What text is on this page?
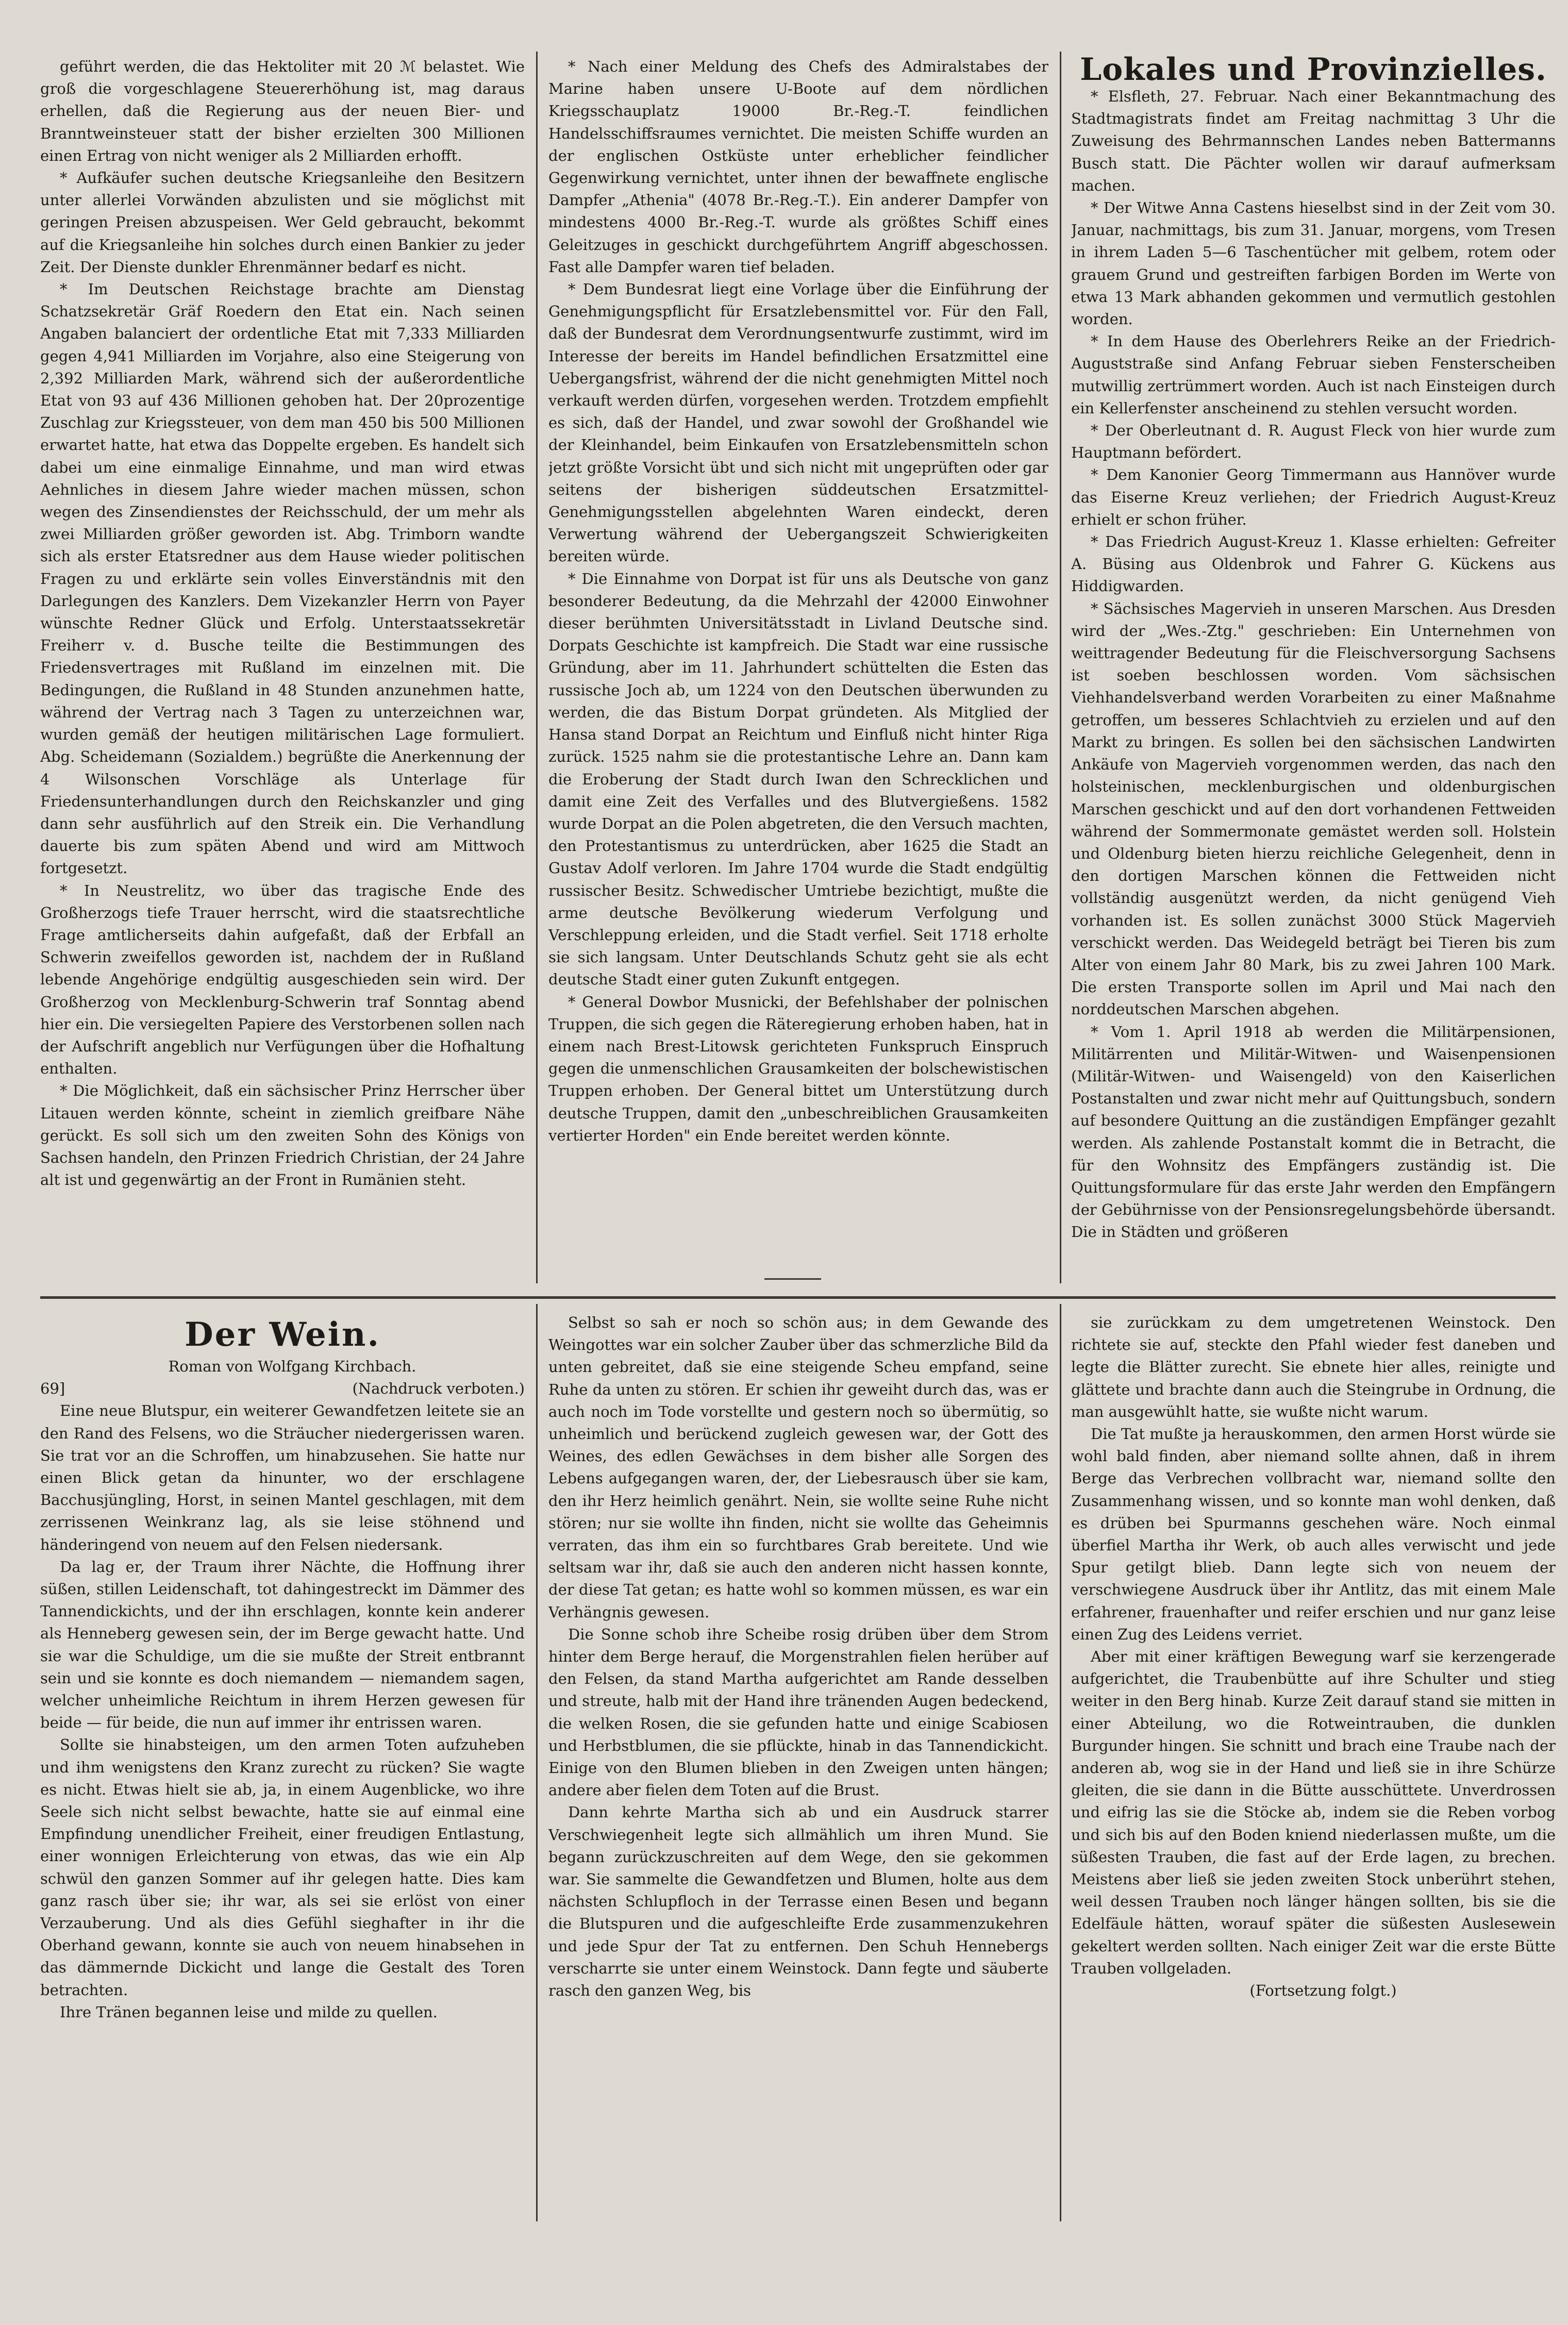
geführt werden, die das Hektoliter mit 20 ℳ belastet. Wie groß die vorgeschlagene Steuererhöhung ist, mag daraus erhellen, daß die Regierung aus der neuen Bier- und Branntweinsteuer statt der bisher erzielten 300 Millionen einen Ertrag von nicht weniger als 2 Milliarden erhofft.

* Aufkäufer suchen deutsche Kriegsanleihe den Besitzern unter allerlei Vorwänden abzulisten und sie möglichst mit geringen Preisen abzuspeisen. Wer Geld gebraucht, bekommt auf die Kriegsanleihe hin solches durch einen Bankier zu jeder Zeit. Der Dienste dunkler Ehrenmänner bedarf es nicht.

* Im Deutschen Reichstage brachte am Dienstag Schatzsekretär Gräf Roedern den Etat ein. Nach seinen Angaben balanciert der ordentliche Etat mit 7,333 Milliarden gegen 4,941 Milliarden im Vorjahre, also eine Steigerung von 2,392 Milliarden Mark, während sich der außerordentliche Etat von 93 auf 436 Millionen gehoben hat. Der 20prozentige Zuschlag zur Kriegssteuer, von dem man 450 bis 500 Millionen erwartet hatte, hat etwa das Doppelte ergeben. Es handelt sich dabei um eine einmalige Einnahme, und man wird etwas Aehnliches in diesem Jahre wieder machen müssen, schon wegen des Zinsendienstes der Reichsschuld, der um mehr als zwei Milliarden größer geworden ist. Abg. Trimborn wandte sich als erster Etatsredner aus dem Hause wieder politischen Fragen zu und erklärte sein volles Einverständnis mit den Darlegungen des Kanzlers. Dem Vizekanzler Herrn von Payer wünschte Redner Glück und Erfolg. Unterstaatssekretär Freiherr v. d. Busche teilte die Bestimmungen des Friedensvertrages mit Rußland im einzelnen mit. Die Bedingungen, die Rußland in 48 Stunden anzunehmen hatte, während der Vertrag nach 3 Tagen zu unterzeichnen war, wurden gemäß der heutigen militärischen Lage formuliert. Abg. Scheidemann (Sozialdem.) begrüßte die Anerkennung der 4 Wilsonschen Vorschläge als Unterlage für Friedensunterhandlungen durch den Reichskanzler und ging dann sehr ausführlich auf den Streik ein. Die Verhandlung dauerte bis zum späten Abend und wird am Mittwoch fortgesetzt.

* In Neustrelitz, wo über das tragische Ende des Großherzogs tiefe Trauer herrscht, wird die staatsrechtliche Frage amtlicherseits dahin aufgefaßt, daß der Erbfall an Schwerin zweifellos geworden ist, nachdem der in Rußland lebende Angehörige endgültig ausgeschieden sein wird. Der Großherzog von Mecklenburg-Schwerin traf Sonntag abend hier ein. Die versiegelten Papiere des Verstorbenen sollen nach der Aufschrift angeblich nur Verfügungen über die Hofhaltung enthalten.

* Die Möglichkeit, daß ein sächsischer Prinz Herrscher über Litauen werden könnte, scheint in ziemlich greifbare Nähe gerückt. Es soll sich um den zweiten Sohn des Königs von Sachsen handeln, den Prinzen Friedrich Christian, der 24 Jahre alt ist und gegenwärtig an der Front in Rumänien steht.

* Nach einer Meldung des Chefs des Admiralstabes der Marine haben unsere U-Boote auf dem nördlichen Kriegsschauplatz 19000 Br.-Reg.-T. feindlichen Handelsschiffsraumes vernichtet. Die meisten Schiffe wurden an der englischen Ostküste unter erheblicher feindlicher Gegenwirkung vernichtet, unter ihnen der bewaffnete englische Dampfer „Athenia" (4078 Br.-Reg.-T.). Ein anderer Dampfer von mindestens 4000 Br.-Reg.-T. wurde als größtes Schiff eines Geleitzuges in geschickt durchgeführtem Angriff abgeschossen. Fast alle Dampfer waren tief beladen.

* Dem Bundesrat liegt eine Vorlage über die Einführung der Genehmigungspflicht für Ersatzlebensmittel vor. Für den Fall, daß der Bundesrat dem Verordnungsentwurfe zustimmt, wird im Interesse der bereits im Handel befindlichen Ersatzmittel eine Uebergangsfrist, während der die nicht genehmigten Mittel noch verkauft werden dürfen, vorgesehen werden. Trotzdem empfiehlt es sich, daß der Handel, und zwar sowohl der Großhandel wie der Kleinhandel, beim Einkaufen von Ersatzlebensmitteln schon jetzt größte Vorsicht übt und sich nicht mit ungeprüften oder gar seitens der bisherigen süddeutschen Ersatzmittel-Genehmigungsstellen abgelehnten Waren eindeckt, deren Verwertung während der Uebergangszeit Schwierigkeiten bereiten würde.

* Die Einnahme von Dorpat ist für uns als Deutsche von ganz besonderer Bedeutung, da die Mehrzahl der 42000 Einwohner dieser berühmten Universitätsstadt in Livland Deutsche sind. Dorpats Geschichte ist kampfreich. Die Stadt war eine russische Gründung, aber im 11. Jahrhundert schüttelten die Esten das russische Joch ab, um 1224 von den Deutschen überwunden zu werden, die das Bistum Dorpat gründeten. Als Mitglied der Hansa stand Dorpat an Reichtum und Einfluß nicht hinter Riga zurück. 1525 nahm sie die protestantische Lehre an. Dann kam die Eroberung der Stadt durch Iwan den Schrecklichen und damit eine Zeit des Verfalles und des Blutvergießens. 1582 wurde Dorpat an die Polen abgetreten, die den Versuch machten, den Protestantismus zu unterdrücken, aber 1625 die Stadt an Gustav Adolf verloren. Im Jahre 1704 wurde die Stadt endgültig russischer Besitz. Schwedischer Umtriebe bezichtigt, mußte die arme deutsche Bevölkerung wiederum Verfolgung und Verschleppung erleiden, und die Stadt verfiel. Seit 1718 erholte sie sich langsam. Unter Deutschlands Schutz geht sie als echt deutsche Stadt einer guten Zukunft entgegen.

* General Dowbor Musnicki, der Befehlshaber der polnischen Truppen, die sich gegen die Räteregierung erhoben haben, hat in einem nach Brest-Litowsk gerichteten Funkspruch Einspruch gegen die unmenschlichen Grausamkeiten der bolschewistischen Truppen erhoben. Der General bittet um Unterstützung durch deutsche Truppen, damit den „unbeschreiblichen Grausamkeiten vertierter Horden" ein Ende bereitet werden könnte.

Lokales und Provinzielles.

* Elsfleth, 27. Februar. Nach einer Bekanntmachung des Stadtmagistrats findet am Freitag nachmittag 3 Uhr die Zuweisung des Behrmannschen Landes neben Battermanns Busch statt. Die Pächter wollen wir darauf aufmerksam machen.

* Der Witwe Anna Castens hieselbst sind in der Zeit vom 30. Januar, nachmittags, bis zum 31. Januar, morgens, vom Tresen in ihrem Laden 5—6 Taschentücher mit gelbem, rotem oder grauem Grund und gestreiften farbigen Borden im Werte von etwa 13 Mark abhanden gekommen und vermutlich gestohlen worden.

* In dem Hause des Oberlehrers Reike an der Friedrich-Auguststraße sind Anfang Februar sieben Fensterscheiben mutwillig zertrümmert worden. Auch ist nach Einsteigen durch ein Kellerfenster anscheinend zu stehlen versucht worden.

* Der Oberleutnant d. R. August Fleck von hier wurde zum Hauptmann befördert.

* Dem Kanonier Georg Timmermann aus Hannöver wurde das Eiserne Kreuz verliehen; der Friedrich August-Kreuz erhielt er schon früher.

* Das Friedrich August-Kreuz 1. Klasse erhielten: Gefreiter A. Büsing aus Oldenbrok und Fahrer G. Kückens aus Hiddigwarden.

* Sächsisches Magervieh in unseren Marschen. Aus Dresden wird der „Wes.-Ztg." geschrieben: Ein Unternehmen von weittragender Bedeutung für die Fleischversorgung Sachsens ist soeben beschlossen worden. Vom sächsischen Viehhandelsverband werden Vorarbeiten zu einer Maßnahme getroffen, um besseres Schlachtvieh zu erzielen und auf den Markt zu bringen. Es sollen bei den sächsischen Landwirten Ankäufe von Magervieh vorgenommen werden, das nach den holsteinischen, mecklenburgischen und oldenburgischen Marschen geschickt und auf den dort vorhandenen Fettweiden während der Sommermonate gemästet werden soll. Holstein und Oldenburg bieten hierzu reichliche Gelegenheit, denn in den dortigen Marschen können die Fettweiden nicht vollständig ausgenützt werden, da nicht genügend Vieh vorhanden ist. Es sollen zunächst 3000 Stück Magervieh verschickt werden. Das Weidegeld beträgt bei Tieren bis zum Alter von einem Jahr 80 Mark, bis zu zwei Jahren 100 Mark. Die ersten Transporte sollen im April und Mai nach den norddeutschen Marschen abgehen.

* Vom 1. April 1918 ab werden die Militärpensionen, Militärrenten und Militär-Witwen- und Waisenpensionen (Militär-Witwen- und Waisengeld) von den Kaiserlichen Postanstalten und zwar nicht mehr auf Quittungsbuch, sondern auf besondere Quittung an die zuständigen Empfänger gezahlt werden. Als zahlende Postanstalt kommt die in Betracht, die für den Wohnsitz des Empfängers zuständig ist. Die Quittungsformulare für das erste Jahr werden den Empfängern der Gebührnisse von der Pensionsregelungsbehörde übersandt. Die in Städten und größeren

Der Wein.

Roman von Wolfgang Kirchbach.

69]	(Nachdruck verboten.)

Eine neue Blutspur, ein weiterer Gewandfetzen leitete sie an den Rand des Felsens, wo die Sträucher niedergerissen waren. Sie trat vor an die Schroffen, um hinabzusehen. Sie hatte nur einen Blick getan da hinunter, wo der erschlagene Bacchusjüngling, Horst, in seinen Mantel geschlagen, mit dem zerrissenen Weinkranz lag, als sie leise stöhnend und händeringend von neuem auf den Felsen niedersank.

Da lag er, der Traum ihrer Nächte, die Hoffnung ihrer süßen, stillen Leidenschaft, tot dahingestreckt im Dämmer des Tannendickichts, und der ihn erschlagen, konnte kein anderer als Henneberg gewesen sein, der im Berge gewacht hatte. Und sie war die Schuldige, um die sie mußte der Streit entbrannt sein und sie konnte es doch niemandem — niemandem sagen, welcher unheimliche Reichtum in ihrem Herzen gewesen für beide — für beide, die nun auf immer ihr entrissen waren.

Sollte sie hinabsteigen, um den armen Toten aufzuheben und ihm wenigstens den Kranz zurecht zu rücken? Sie wagte es nicht. Etwas hielt sie ab, ja, in einem Augenblicke, wo ihre Seele sich nicht selbst bewachte, hatte sie auf einmal eine Empfindung unendlicher Freiheit, einer freudigen Entlastung, einer wonnigen Erleichterung von etwas, das wie ein Alp schwül den ganzen Sommer auf ihr gelegen hatte. Dies kam ganz rasch über sie; ihr war, als sei sie erlöst von einer Verzauberung. Und als dies Gefühl sieghafter in ihr die Oberhand gewann, konnte sie auch von neuem hinabsehen in das dämmernde Dickicht und lange die Gestalt des Toren betrachten.

Ihre Tränen begannen leise und milde zu quellen.

Selbst so sah er noch so schön aus; in dem Gewande des Weingottes war ein solcher Zauber über das schmerzliche Bild da unten gebreitet, daß sie eine steigende Scheu empfand, seine Ruhe da unten zu stören. Er schien ihr geweiht durch das, was er auch noch im Tode vorstellte und gestern noch so übermütig, so unheimlich und berückend zugleich gewesen war, der Gott des Weines, des edlen Gewächses in dem bisher alle Sorgen des Lebens aufgegangen waren, der, der Liebesrausch über sie kam, den ihr Herz heimlich genährt. Nein, sie wollte seine Ruhe nicht stören; nur sie wollte ihn finden, nicht sie wollte das Geheimnis verraten, das ihm ein so furchtbares Grab bereitete. Und wie seltsam war ihr, daß sie auch den anderen nicht hassen konnte, der diese Tat getan; es hatte wohl so kommen müssen, es war ein Verhängnis gewesen.

Die Sonne schob ihre Scheibe rosig drüben über dem Strom hinter dem Berge herauf, die Morgenstrahlen fielen herüber auf den Felsen, da stand Martha aufgerichtet am Rande desselben und streute, halb mit der Hand ihre tränenden Augen bedeckend, die welken Rosen, die sie gefunden hatte und einige Scabiosen und Herbstblumen, die sie pflückte, hinab in das Tannendickicht. Einige von den Blumen blieben in den Zweigen unten hängen; andere aber fielen dem Toten auf die Brust.

Dann kehrte Martha sich ab und ein Ausdruck starrer Verschwiegenheit legte sich allmählich um ihren Mund. Sie begann zurückzuschreiten auf dem Wege, den sie gekommen war. Sie sammelte die Gewandfetzen und Blumen, holte aus dem nächsten Schlupfloch in der Terrasse einen Besen und begann die Blutspuren und die aufgeschleifte Erde zusammenzukehren und jede Spur der Tat zu entfernen. Den Schuh Hennebergs verscharrte sie unter einem Weinstock. Dann fegte und säuberte rasch den ganzen Weg, bis

sie zurückkam zu dem umgetretenen Weinstock. Den richtete sie auf, steckte den Pfahl wieder fest daneben und legte die Blätter zurecht. Sie ebnete hier alles, reinigte und glättete und brachte dann auch die Steingrube in Ordnung, die man ausgewühlt hatte, sie wußte nicht warum.

Die Tat mußte ja herauskommen, den armen Horst würde sie wohl bald finden, aber niemand sollte ahnen, daß in ihrem Berge das Verbrechen vollbracht war, niemand sollte den Zusammenhang wissen, und so konnte man wohl denken, daß es drüben bei Spurmanns geschehen wäre. Noch einmal überfiel Martha ihr Werk, ob auch alles verwischt und jede Spur getilgt blieb. Dann legte sich von neuem der verschwiegene Ausdruck über ihr Antlitz, das mit einem Male erfahrener, frauenhafter und reifer erschien und nur ganz leise einen Zug des Leidens verriet.

Aber mit einer kräftigen Bewegung warf sie kerzengerade aufgerichtet, die Traubenbütte auf ihre Schulter und stieg weiter in den Berg hinab. Kurze Zeit darauf stand sie mitten in einer Abteilung, wo die Rotweintrauben, die dunklen Burgunder hingen. Sie schnitt und brach eine Traube nach der anderen ab, wog sie in der Hand und ließ sie in ihre Schürze gleiten, die sie dann in die Bütte ausschüttete. Unverdrossen und eifrig las sie die Stöcke ab, indem sie die Reben vorbog und sich bis auf den Boden kniend niederlassen mußte, um die süßesten Trauben, die fast auf der Erde lagen, zu brechen. Meistens aber ließ sie jeden zweiten Stock unberührt stehen, weil dessen Trauben noch länger hängen sollten, bis sie die Edelfäule hätten, worauf später die süßesten Auslesewein gekeltert werden sollten. Nach einiger Zeit war die erste Bütte Trauben vollgeladen.

(Fortsetzung folgt.)
